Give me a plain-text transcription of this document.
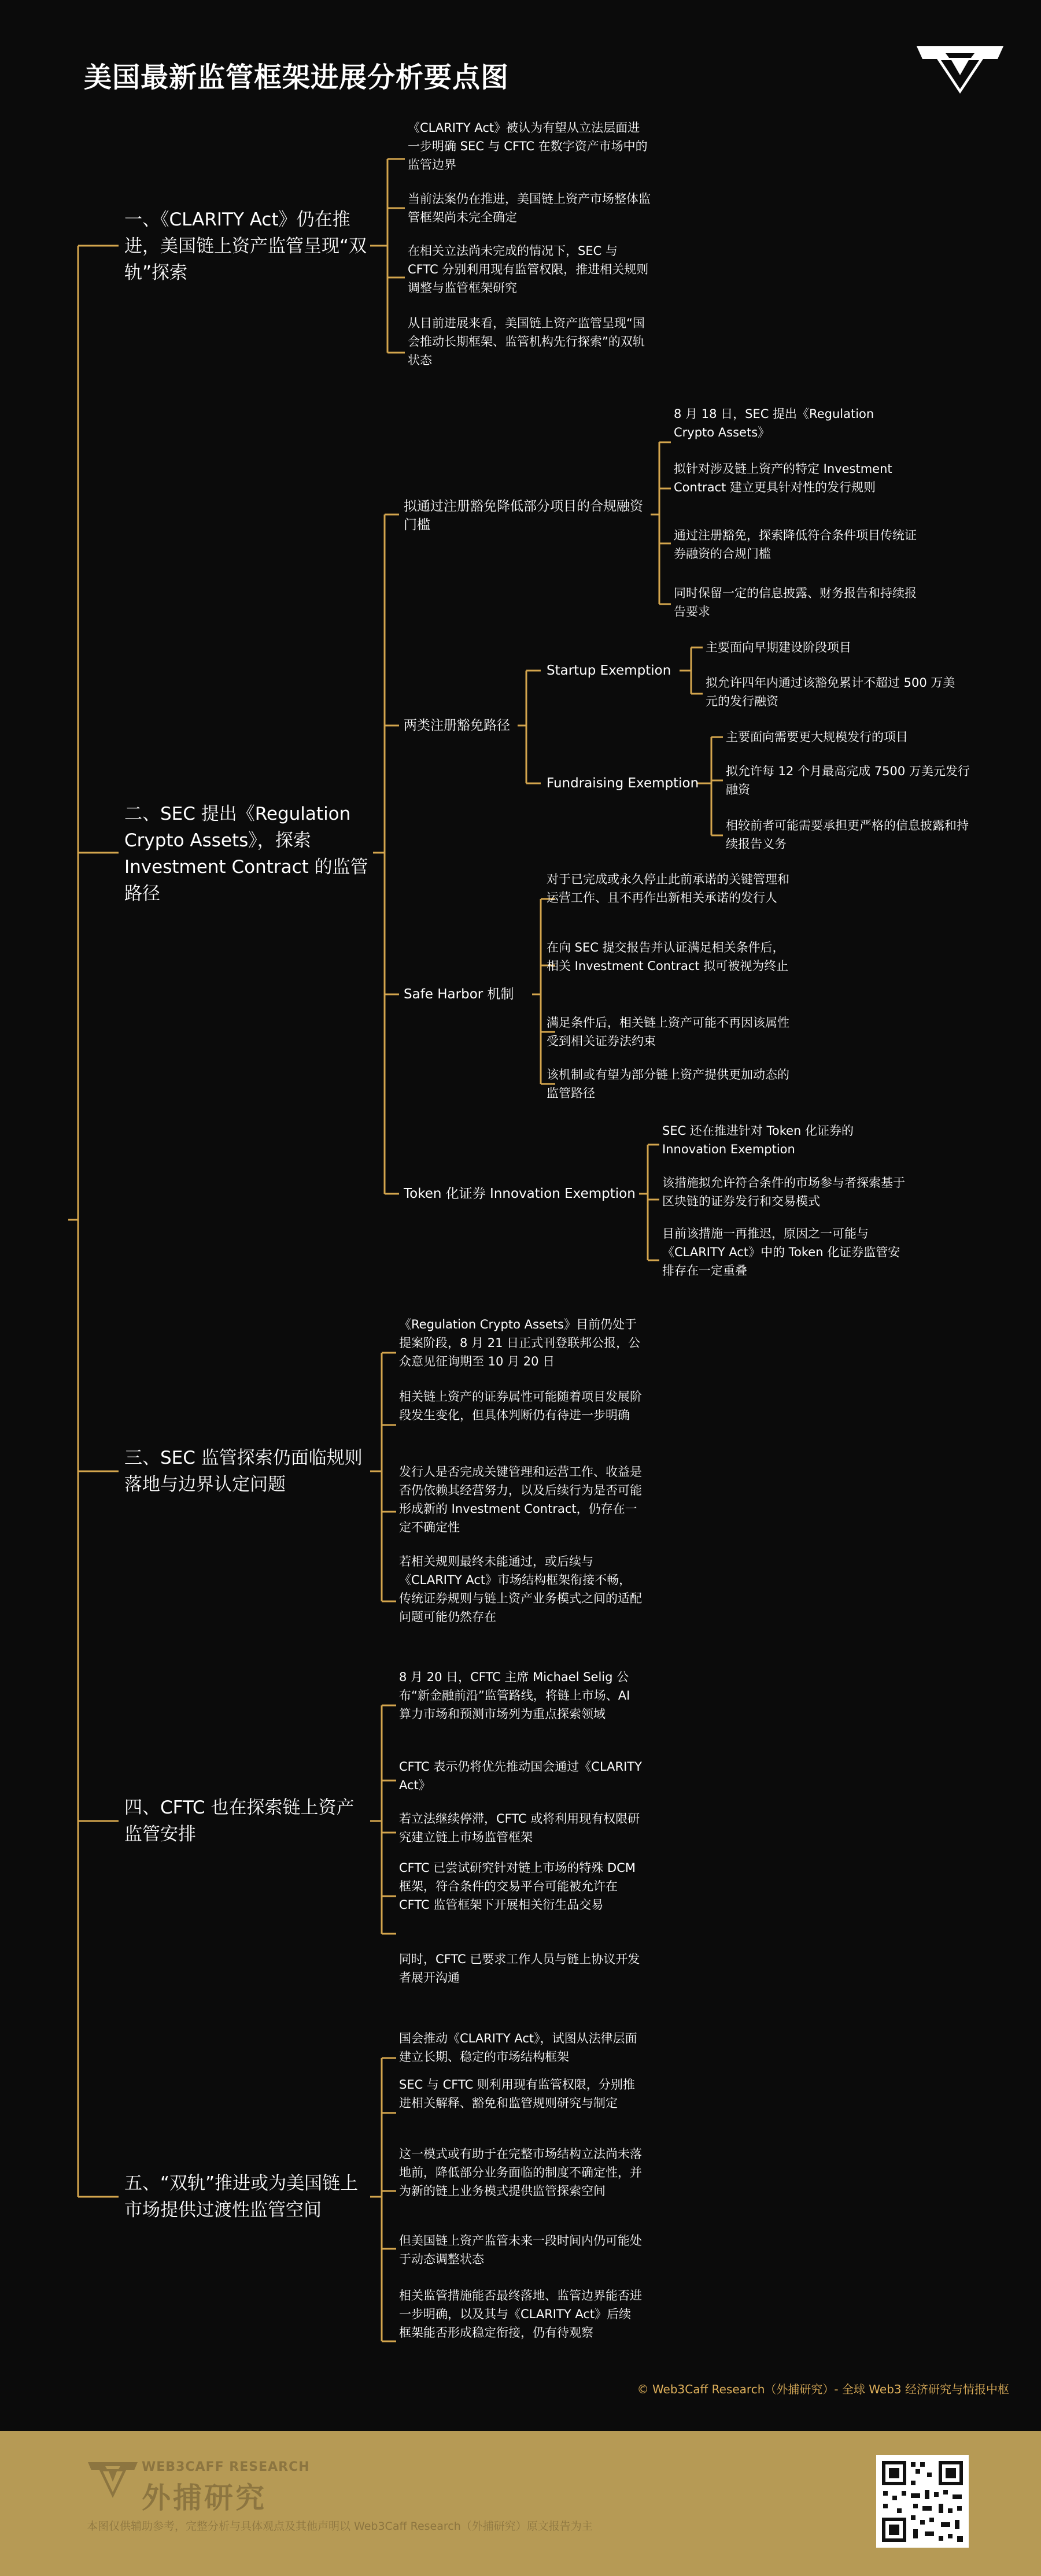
美国最新监管框架进展分析要点图
一、《CLARITY Act》仍在推进，美国链上资产监管呈现“双轨”探索
《CLARITY Act》被认为有望从立法层面进一步明确 SEC 与 CFTC 在数字资产市场中的监管边界
当前法案仍在推进，美国链上资产市场整体监管框架尚未完全确定
在相关立法尚未完成的情况下，SEC 与 CFTC 分别利用现有监管权限，推进相关规则调整与监管框架研究
从目前进展来看，美国链上资产监管呈现“国会推动长期框架、监管机构先行探索”的双轨状态
二、SEC 提出《Regulation Crypto Assets》，探索 Investment Contract 的监管路径
拟通过注册豁免降低部分项目的合规融资门槛
8 月 18 日，SEC 提出《Regulation Crypto Assets》
拟针对涉及链上资产的特定 Investment Contract 建立更具针对性的发行规则
通过注册豁免，探索降低符合条件项目传统证券融资的合规门槛
同时保留一定的信息披露、财务报告和持续报告要求
两类注册豁免路径
Startup Exemption
主要面向早期建设阶段项目
拟允许四年内通过该豁免累计不超过 500 万美元的发行融资
Fundraising Exemption
主要面向需要更大规模发行的项目
拟允许每 12 个月最高完成 7500 万美元发行融资
相较前者可能需要承担更严格的信息披露和持续报告义务
Safe Harbor 机制
对于已完成或永久停止此前承诺的关键管理和运营工作、且不再作出新相关承诺的发行人
在向 SEC 提交报告并认证满足相关条件后，相关 Investment Contract 拟可被视为终止
满足条件后，相关链上资产可能不再因该属性受到相关证券法约束
该机制或有望为部分链上资产提供更加动态的监管路径
Token 化证券 Innovation Exemption
SEC 还在推进针对 Token 化证券的 Innovation Exemption
该措施拟允许符合条件的市场参与者探索基于区块链的证券发行和交易模式
目前该措施一再推迟，原因之一可能与《CLARITY Act》中的 Token 化证券监管安排存在一定重叠
三、SEC 监管探索仍面临规则落地与边界认定问题
《Regulation Crypto Assets》目前仍处于提案阶段，8 月 21 日正式刊登联邦公报，公众意见征询期至 10 月 20 日
相关链上资产的证券属性可能随着项目发展阶段发生变化，但具体判断仍有待进一步明确
发行人是否完成关键管理和运营工作、收益是否仍依赖其经营努力，以及后续行为是否可能形成新的 Investment Contract，仍存在一定不确定性
若相关规则最终未能通过，或后续与《CLARITY Act》市场结构框架衔接不畅，传统证券规则与链上资产业务模式之间的适配问题可能仍然存在
四、CFTC 也在探索链上资产监管安排
8 月 20 日，CFTC 主席 Michael Selig 公布“新金融前沿”监管路线，将链上市场、AI 算力市场和预测市场列为重点探索领域
CFTC 表示仍将优先推动国会通过《CLARITY Act》
若立法继续停滞，CFTC 或将利用现有权限研究建立链上市场监管框架
CFTC 已尝试研究针对链上市场的特殊 DCM 框架，符合条件的交易平台可能被允许在 CFTC 监管框架下开展相关衍生品交易
同时，CFTC 已要求工作人员与链上协议开发者展开沟通
五、“双轨”推进或为美国链上市场提供过渡性监管空间
国会推动《CLARITY Act》，试图从法律层面建立长期、稳定的市场结构框架
SEC 与 CFTC 则利用现有监管权限，分别推进相关解释、豁免和监管规则研究与制定
这一模式或有助于在完整市场结构立法尚未落地前，降低部分业务面临的制度不确定性，并为新的链上业务模式提供监管探索空间
但美国链上资产监管未来一段时间内仍可能处于动态调整状态
相关监管措施能否最终落地、监管边界能否进一步明确，以及其与《CLARITY Act》后续框架能否形成稳定衔接，仍有待观察
© Web3Caff Research（外捕研究）- 全球 Web3 经济研究与情报中枢
WEB3CAFF RESEARCH
外捕研究
本图仅供辅助参考，完整分析与具体观点及其他声明以 Web3Caff Research（外捕研究）原文报告为主
